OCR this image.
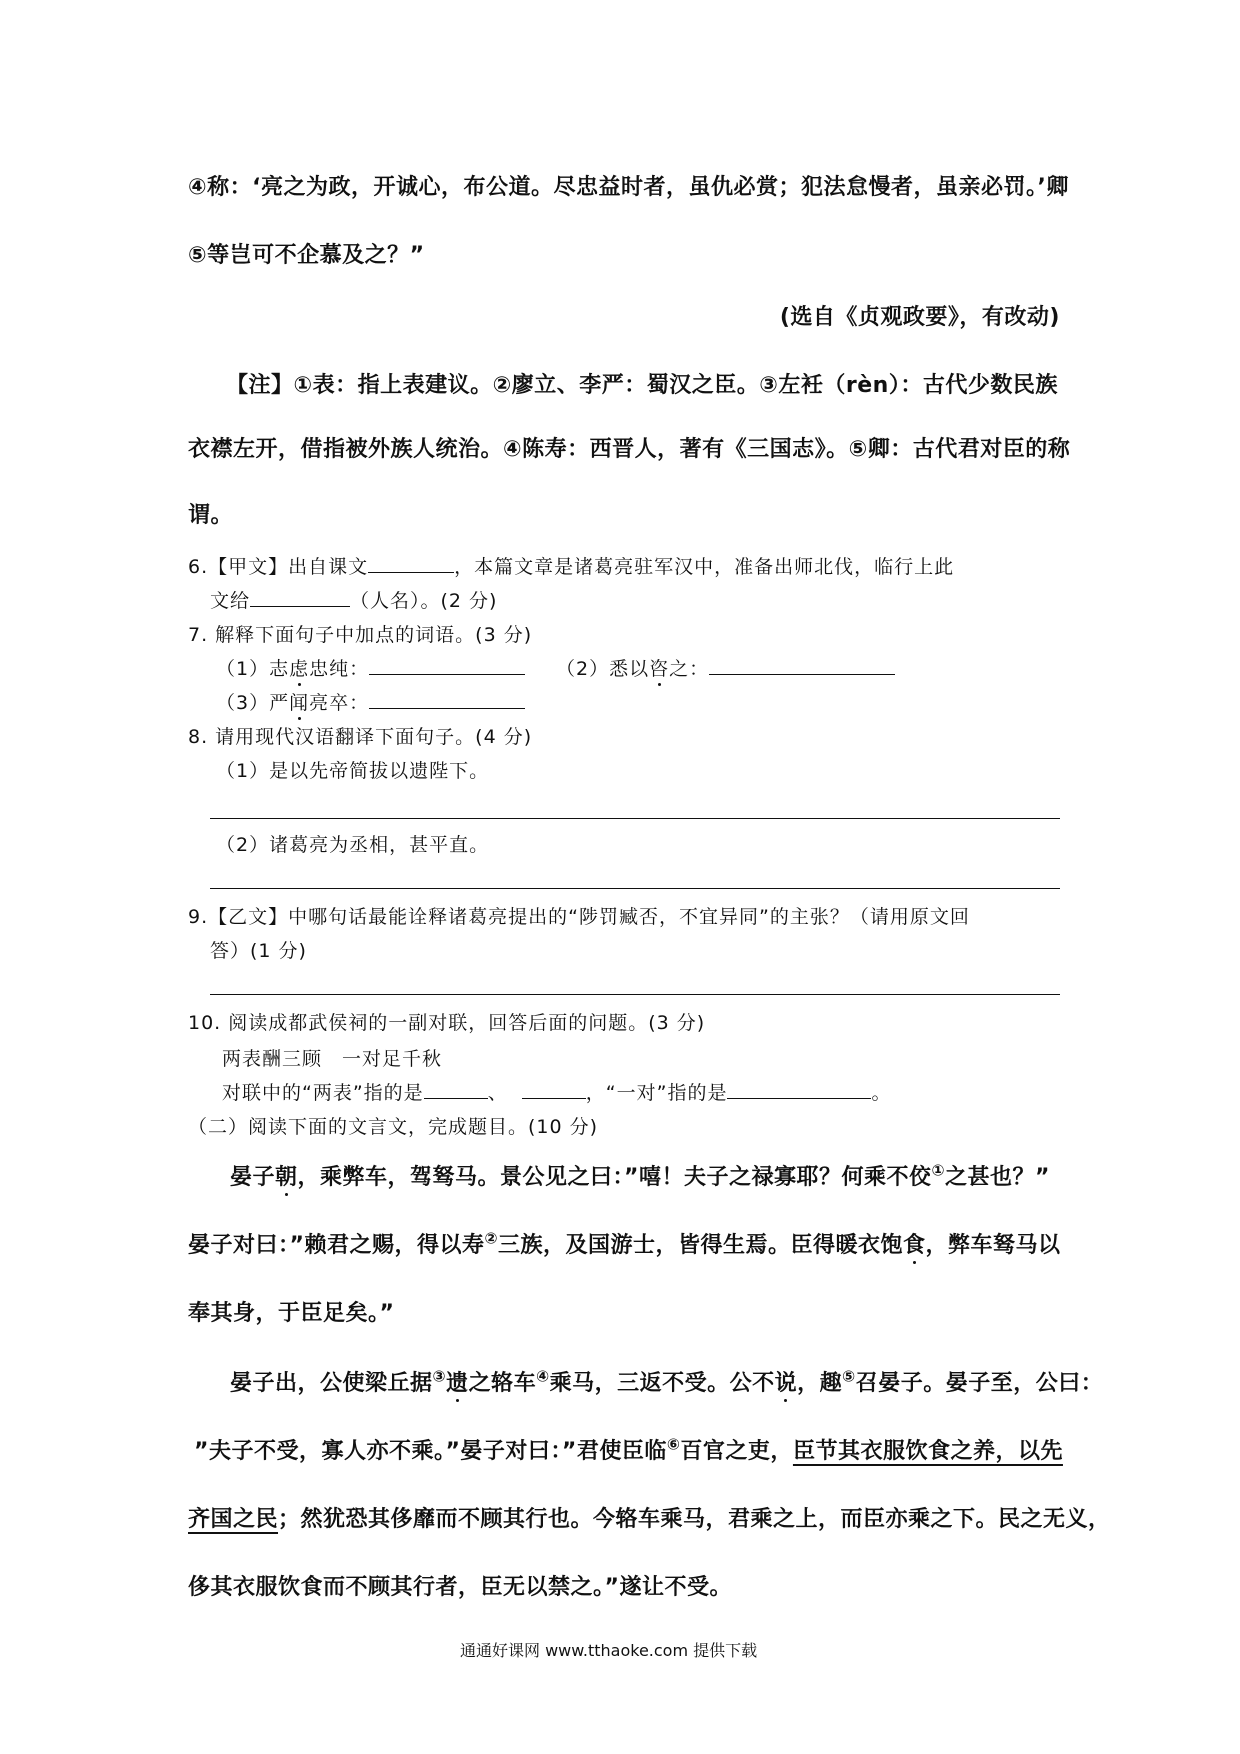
④称：‘亮之为政，开诚心，布公道。尽忠益时者，虽仇必赏；犯法怠慢者，虽亲必罚。’卿
⑤等岂可不企慕及之？”
(选自《贞观政要》，有改动)
【注】①表：指上表建议。②廖立、李严：蜀汉之臣。③左衽（rèn）：古代少数民族
衣襟左开，借指被外族人统治。④陈寿：西晋人，著有《三国志》。⑤卿：古代君对臣的称
谓。
6.【甲文】出自课文	，本篇文章是诸葛亮驻军汉中，准备出师北伐，临行上此
文给	（人名）。(2 分)
7. 解释下面句子中加点的词语。(3 分)
（1）志虑忠纯：	（2）悉以咨之：
（3）严闻亮卒：
8. 请用现代汉语翻译下面句子。(4 分)
（1）是以先帝简拔以遗陛下。
（2）诸葛亮为丞相，甚平直。
9.【乙文】中哪句话最能诠释诸葛亮提出的“陟罚臧否，不宜异同”的主张？（请用原文回
答）(1 分)
10. 阅读成都武侯祠的一副对联，回答后面的问题。(3 分)
两表酬三顾　一对足千秋
对联中的“两表”指的是	、	，“一对”指的是	。
（二）阅读下面的文言文，完成题目。(10 分)
晏子朝，乘弊车，驾驽马。景公见之曰：”嘻！夫子之禄寡耶？何乘不佼①之甚也？”
晏子对曰：”赖君之赐，得以寿②三族，及国游士，皆得生焉。臣得暖衣饱食，弊车驽马以
奉其身，于臣足矣。”
晏子出，公使梁丘据③遗之辂车④乘马，三返不受。公不说，趣⑤召晏子。晏子至，公曰：
”夫子不受，寡人亦不乘。”晏子对曰：”君使臣临⑥百官之吏，臣节其衣服饮食之养，以先
齐国之民；然犹恐其侈靡而不顾其行也。今辂车乘马，君乘之上，而臣亦乘之下。民之无义，
侈其衣服饮食而不顾其行者，臣无以禁之。”遂让不受。
通通好课网 www.tthaoke.com 提供下载
